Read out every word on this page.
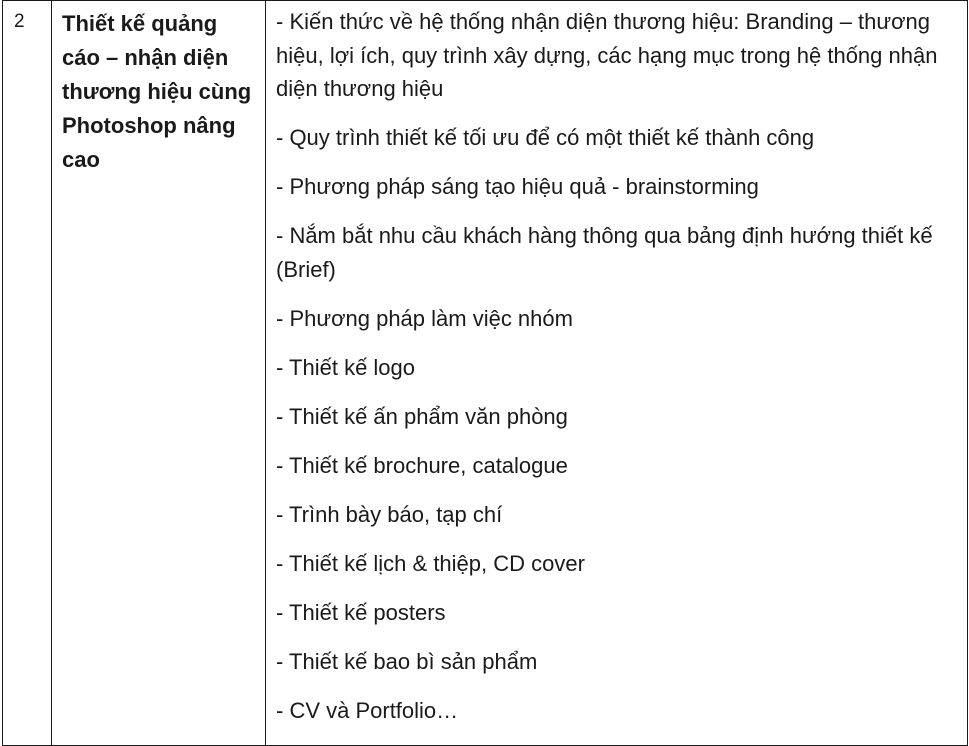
2	Thiết kế quảng cáo – nhận diện thương hiệu cùng Photoshop nâng cao

- Kiến thức về hệ thống nhận diện thương hiệu: Branding – thương hiệu, lợi ích, quy trình xây dựng, các hạng mục trong hệ thống nhận diện thương hiệu
- Quy trình thiết kế tối ưu để có một thiết kế thành công
- Phương pháp sáng tạo hiệu quả - brainstorming
- Nắm bắt nhu cầu khách hàng thông qua bảng định hướng thiết kế (Brief)
- Phương pháp làm việc nhóm
- Thiết kế logo
- Thiết kế ấn phẩm văn phòng
- Thiết kế brochure, catalogue
- Trình bày báo, tạp chí
- Thiết kế lịch & thiệp, CD cover
- Thiết kế posters
- Thiết kế bao bì sản phẩm
- CV và Portfolio…
